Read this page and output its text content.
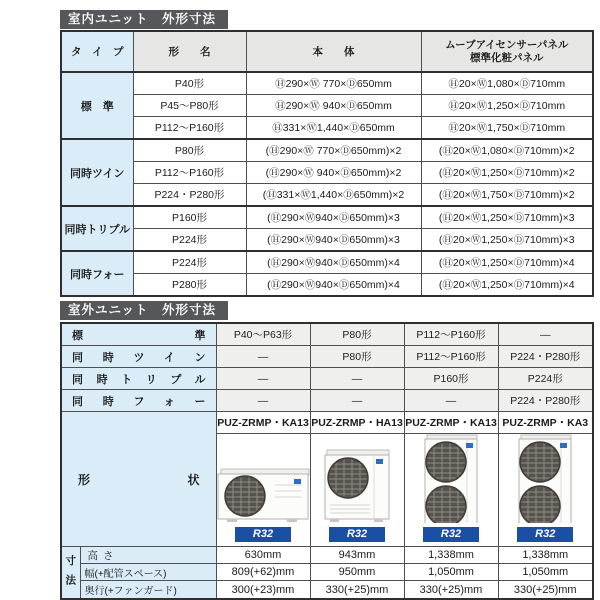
室内ユニット　外形寸法
タ　イ　プ	形　　名	本　　体	ムーブアイセンサーパネル
標準化粧パネル

標　準	P40形	Ⓗ290×Ⓦ 770×Ⓓ650mm	Ⓗ20×Ⓦ1,080×Ⓓ710mm
	P45～P80形	Ⓗ290×Ⓦ 940×Ⓓ650mm	Ⓗ20×Ⓦ1,250×Ⓓ710mm
	P112～P160形	Ⓗ331×Ⓦ1,440×Ⓓ650mm	Ⓗ20×Ⓦ1,750×Ⓓ710mm
同時ツイン	P80形	(Ⓗ290×Ⓦ 770×Ⓓ650mm)×2	(Ⓗ20×Ⓦ1,080×Ⓓ710mm)×2
	P112～P160形	(Ⓗ290×Ⓦ 940×Ⓓ650mm)×2	(Ⓗ20×Ⓦ1,250×Ⓓ710mm)×2
	P224・P280形	(Ⓗ331×Ⓦ1,440×Ⓓ650mm)×2	(Ⓗ20×Ⓦ1,750×Ⓓ710mm)×2
同時トリプル	P160形	(Ⓗ290×Ⓦ940×Ⓓ650mm)×3	(Ⓗ20×Ⓦ1,250×Ⓓ710mm)×3
	P224形	(Ⓗ290×Ⓦ940×Ⓓ650mm)×3	(Ⓗ20×Ⓦ1,250×Ⓓ710mm)×3
同時フォー	P224形	(Ⓗ290×Ⓦ940×Ⓓ650mm)×4	(Ⓗ20×Ⓦ1,250×Ⓓ710mm)×4
	P280形	(Ⓗ290×Ⓦ940×Ⓓ650mm)×4	(Ⓗ20×Ⓦ1,250×Ⓓ710mm)×4
室外ユニット　外形寸法
標準		P40～P63形	P80形	P112～P160形	—
同時ツイン		—	P80形	P112～P160形	P224・P280形
同時トリプル		—	—	P160形	P224形
同時フォー		—	—	—	P224・P280形
形状		PUZ-ZRMP・KA13	PUZ-ZRMP・HA13	PUZ-ZRMP・KA13	PUZ-ZRMP・KA3

		R32	R32	R32	R32

寸法	高さ	630mm	943mm	1,338mm	1,338mm
	幅(+配管スペース)	809(+62)mm	950mm	1,050mm	1,050mm
	奥行(+ファンガード)	300(+23)mm	330(+25)mm	330(+25)mm	330(+25)mm
